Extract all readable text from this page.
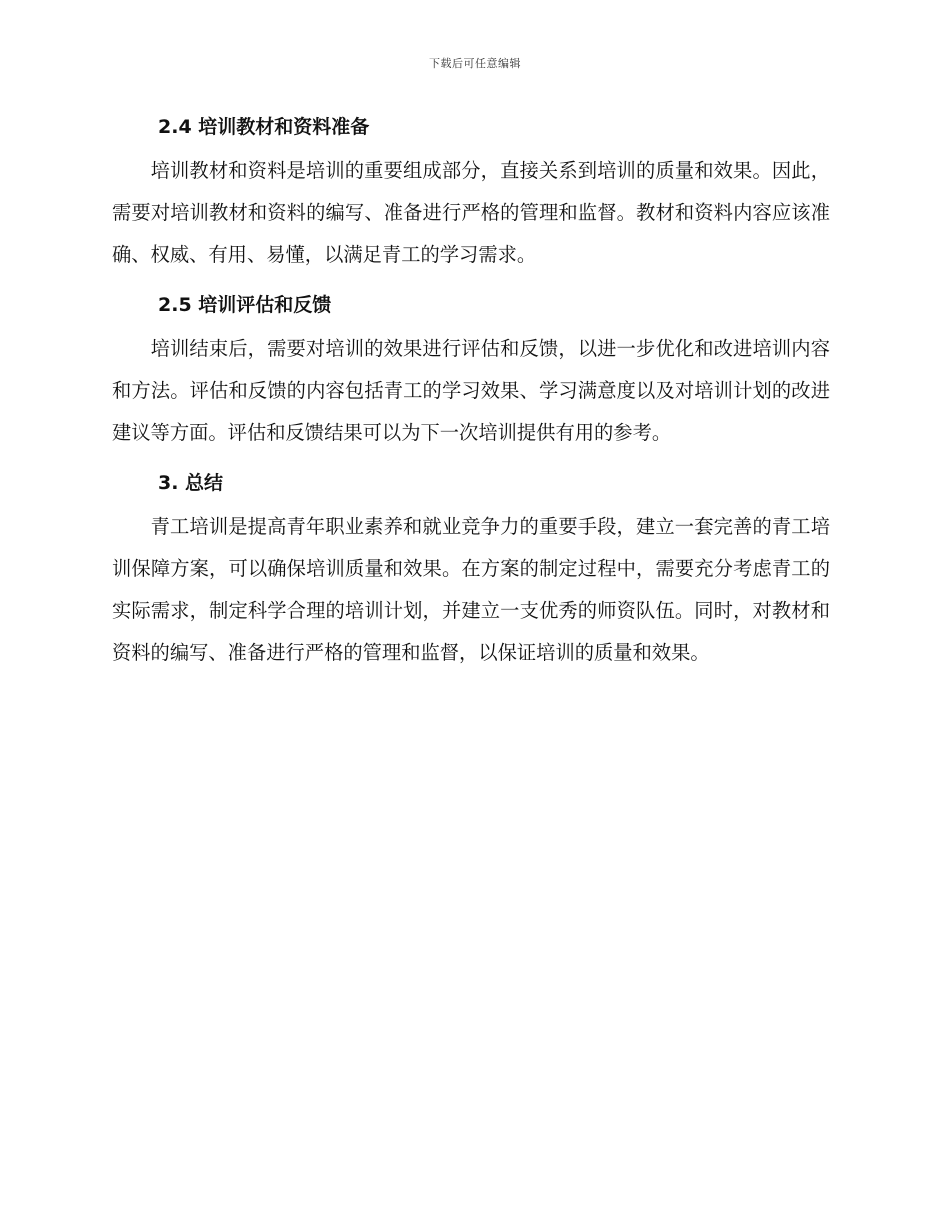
下载后可任意编辑
2.4 培训教材和资料准备

培训教材和资料是培训的重要组成部分，直接关系到培训的质量和效果。因此，需要对培训教材和资料的编写、准备进行严格的管理和监督。教材和资料内容应该准确、权威、有用、易懂，以满足青工的学习需求。

2.5 培训评估和反馈

培训结束后，需要对培训的效果进行评估和反馈，以进一步优化和改进培训内容和方法。评估和反馈的内容包括青工的学习效果、学习满意度以及对培训计划的改进建议等方面。评估和反馈结果可以为下一次培训提供有用的参考。

3. 总结

青工培训是提高青年职业素养和就业竞争力的重要手段，建立一套完善的青工培训保障方案，可以确保培训质量和效果。在方案的制定过程中，需要充分考虑青工的实际需求，制定科学合理的培训计划，并建立一支优秀的师资队伍。同时，对教材和资料的编写、准备进行严格的管理和监督，以保证培训的质量和效果。
